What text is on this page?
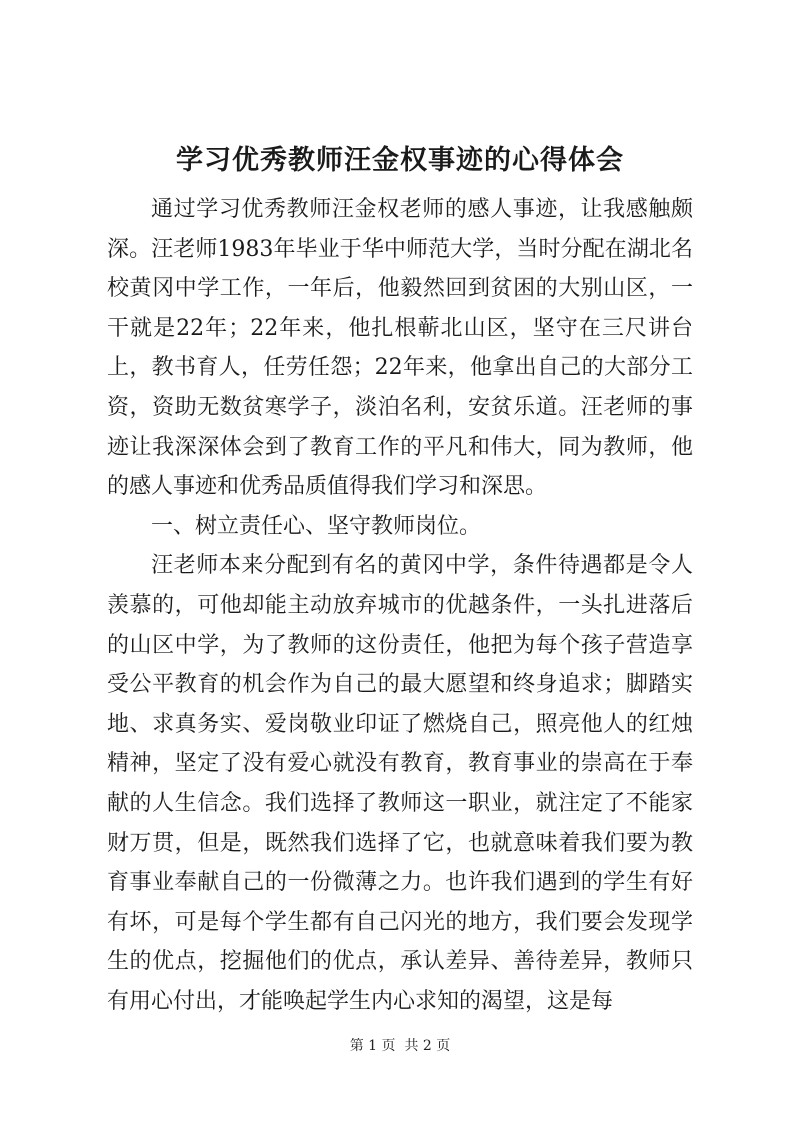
学习优秀教师汪金权事迹的心得体会

通过学习优秀教师汪金权老师的感人事迹，让我感触颇深。汪老师1983年毕业于华中师范大学，当时分配在湖北名校黄冈中学工作，一年后，他毅然回到贫困的大别山区，一干就是22年；22年来，他扎根蕲北山区，坚守在三尺讲台上，教书育人，任劳任怨；22年来，他拿出自己的大部分工资，资助无数贫寒学子，淡泊名利，安贫乐道。汪老师的事迹让我深深体会到了教育工作的平凡和伟大，同为教师，他的感人事迹和优秀品质值得我们学习和深思。

一、树立责任心、坚守教师岗位。

汪老师本来分配到有名的黄冈中学，条件待遇都是令人羡慕的，可他却能主动放弃城市的优越条件，一头扎进落后的山区中学，为了教师的这份责任，他把为每个孩子营造享受公平教育的机会作为自己的最大愿望和终身追求；脚踏实地、求真务实、爱岗敬业印证了燃烧自己，照亮他人的红烛精神，坚定了没有爱心就没有教育，教育事业的崇高在于奉献的人生信念。我们选择了教师这一职业，就注定了不能家财万贯，但是，既然我们选择了它，也就意味着我们要为教育事业奉献自己的一份微薄之力。也许我们遇到的学生有好有坏，可是每个学生都有自己闪光的地方，我们要会发现学生的优点，挖掘他们的优点，承认差异、善待差异，教师只有用心付出，才能唤起学生内心求知的渴望，这是每

第 1 页  共 2 页
